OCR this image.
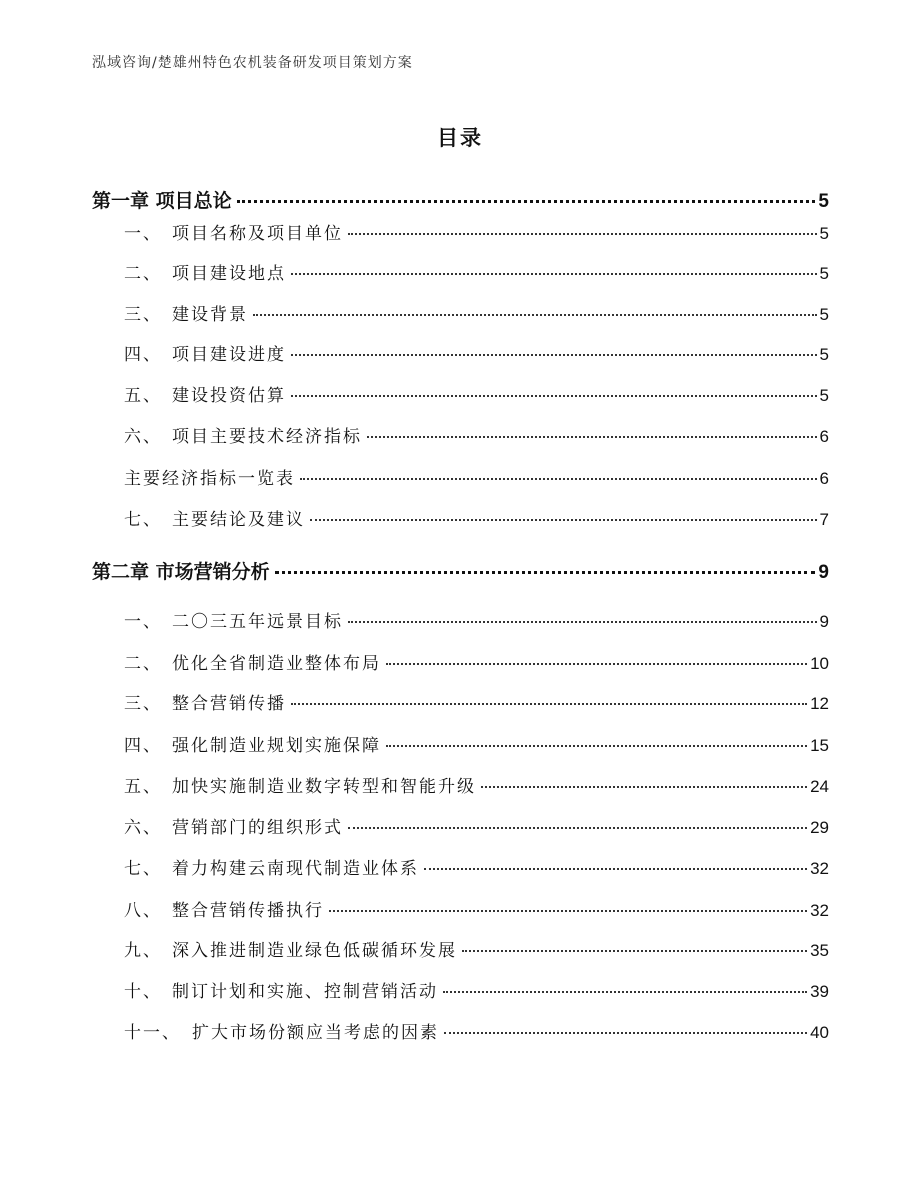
泓域咨询/楚雄州特色农机装备研发项目策划方案
目录
第一章 项目总论	5
一、 项目名称及项目单位	5
二、 项目建设地点	5
三、 建设背景	5
四、 项目建设进度	5
五、 建设投资估算	5
六、 项目主要技术经济指标	6
主要经济指标一览表	6
七、 主要结论及建议	7
第二章 市场营销分析	9
一、 二〇三五年远景目标	9
二、 优化全省制造业整体布局	10
三、 整合营销传播	12
四、 强化制造业规划实施保障	15
五、 加快实施制造业数字转型和智能升级	24
六、 营销部门的组织形式	29
七、 着力构建云南现代制造业体系	32
八、 整合营销传播执行	32
九、 深入推进制造业绿色低碳循环发展	35
十、 制订计划和实施、控制营销活动	39
十一、 扩大市场份额应当考虑的因素	40
